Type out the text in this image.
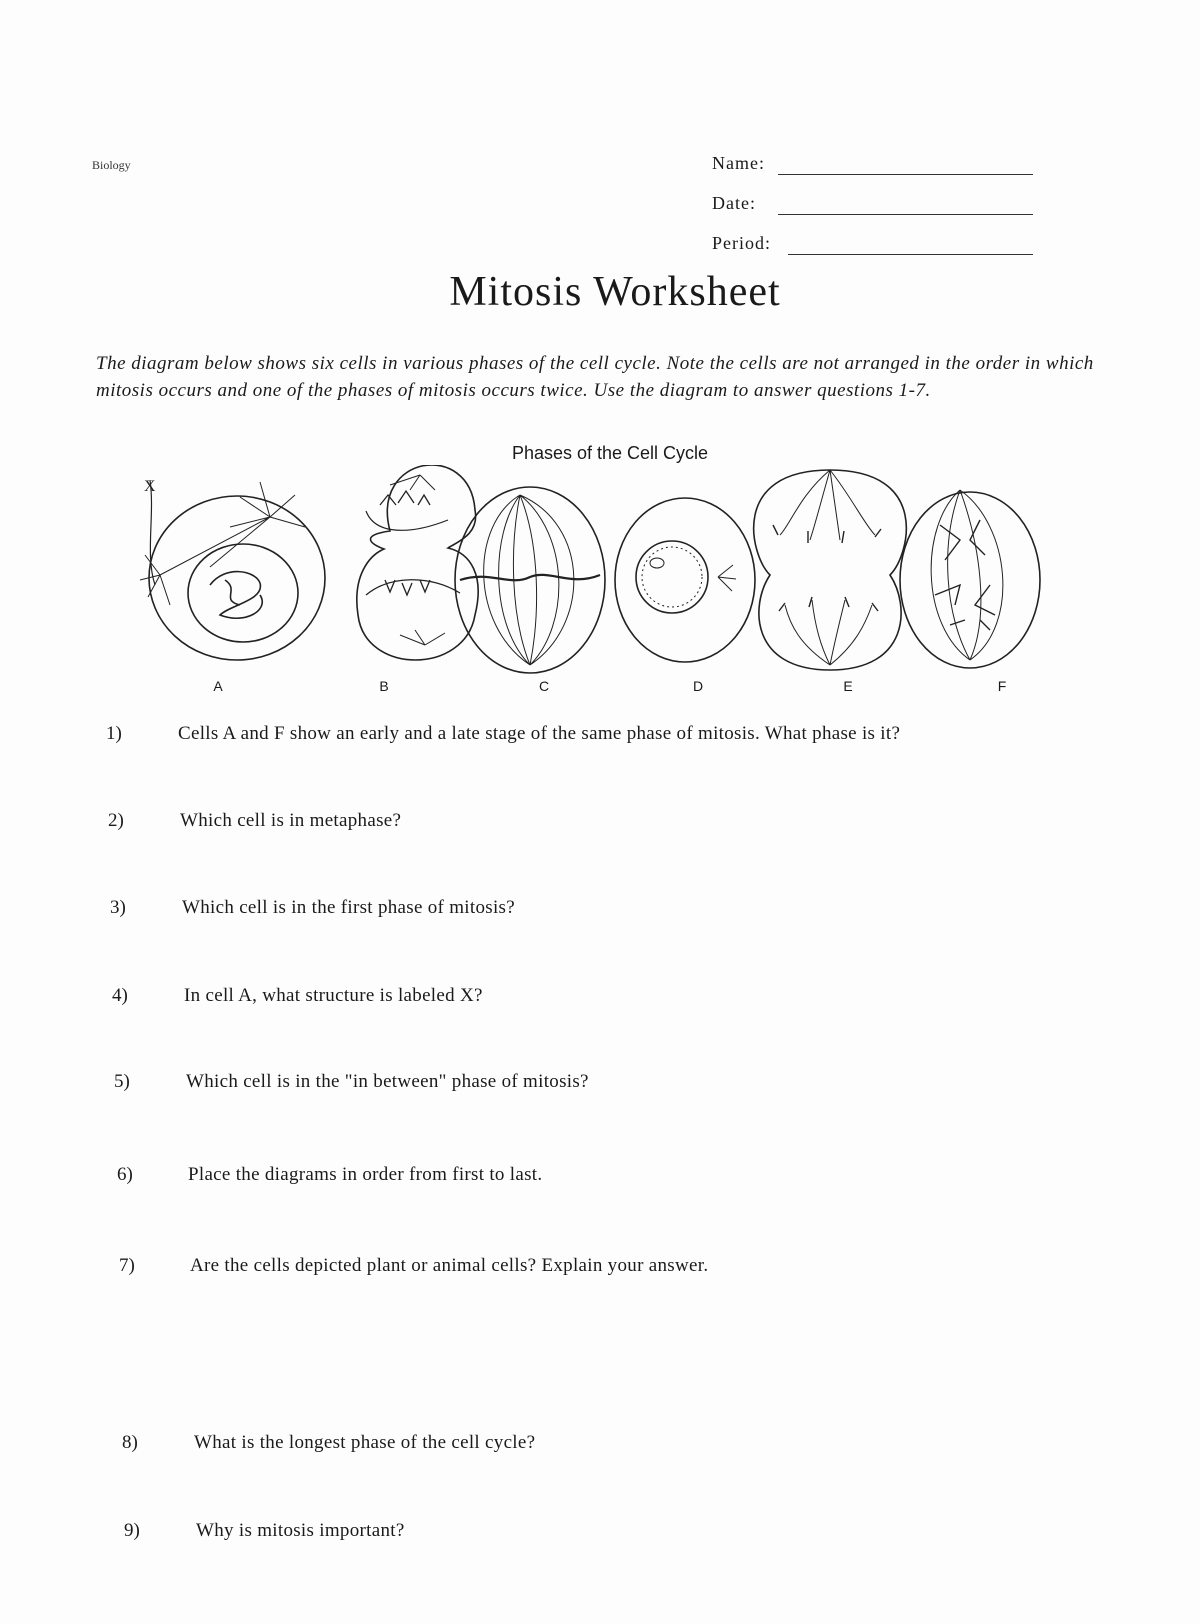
Biology	Name:
Date:
Period:
Mitosis Worksheet

The diagram below shows six cells in various phases of the cell cycle. Note the cells are not arranged in the order in which mitosis occurs and one of the phases of mitosis occurs twice. Use the diagram to answer questions 1-7.

Phases of the Cell Cycle
X
A	B	C	D	E	F
1)	Cells A and F show an early and a late stage of the same phase of mitosis. What phase is it?
2)	Which cell is in metaphase?
3)	Which cell is in the first phase of mitosis?
4)	In cell A, what structure is labeled X?
5)	Which cell is in the "in between" phase of mitosis?
6)	Place the diagrams in order from first to last.
7)	Are the cells depicted plant or animal cells? Explain your answer.
8)	What is the longest phase of the cell cycle?
9)	Why is mitosis important?
